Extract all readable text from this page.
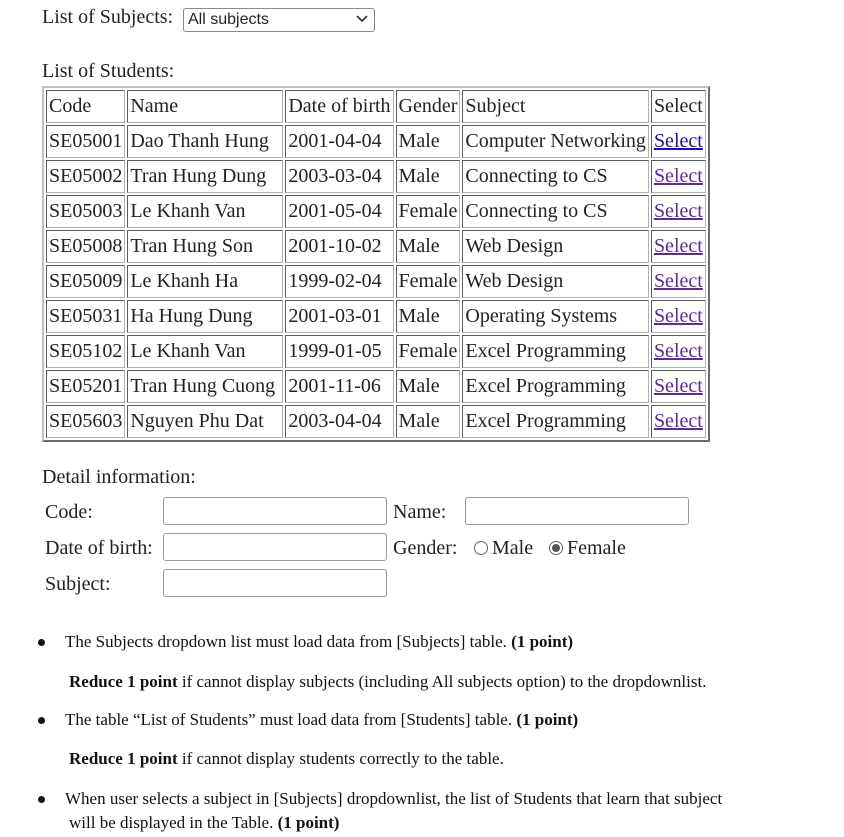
List of Subjects: All subjects
List of Students:
Code	Name	Date of birth	Gender	Subject	Select
SE05001	Dao Thanh Hung	2001-04-04	Male	Computer Networking	Select
SE05002	Tran Hung Dung	2003-03-04	Male	Connecting to CS	Select
SE05003	Le Khanh Van	2001-05-04	Female	Connecting to CS	Select
SE05008	Tran Hung Son	2001-10-02	Male	Web Design	Select
SE05009	Le Khanh Ha	1999-02-04	Female	Web Design	Select
SE05031	Ha Hung Dung	2001-03-01	Male	Operating Systems	Select
SE05102	Le Khanh Van	1999-01-05	Female	Excel Programming	Select
SE05201	Tran Hung Cuong	2001-11-06	Male	Excel Programming	Select
SE05603	Nguyen Phu Dat	2003-04-04	Male	Excel Programming	Select
Detail information:
Code:	Name:
Date of birth:	Gender: Male Female
Subject:
The Subjects dropdown list must load data from [Subjects] table. (1 point)
Reduce 1 point if cannot display subjects (including All subjects option) to the dropdownlist.
The table “List of Students” must load data from [Students] table. (1 point)
Reduce 1 point if cannot display students correctly to the table.
When user selects a subject in [Subjects] dropdownlist, the list of Students that learn that subject
will be displayed in the Table. (1 point)
